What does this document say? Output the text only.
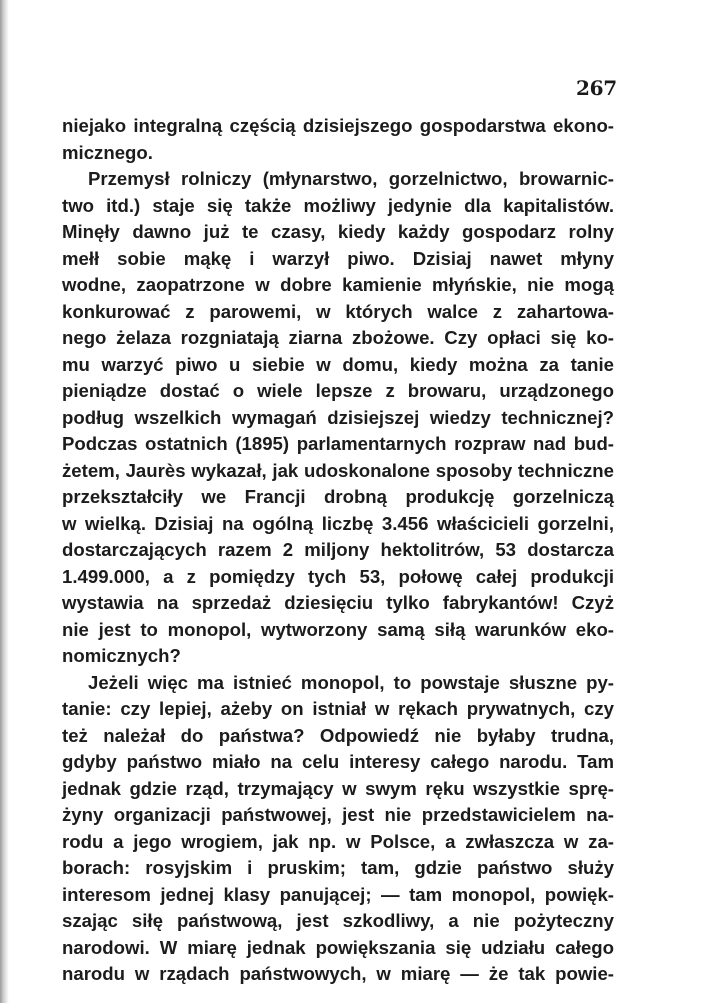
267
niejako integralną częścią dzisiejszego gospodarstwa ekono-
micznego.
Przemysł rolniczy (młynarstwo, gorzelnictwo, browarnic-
two itd.) staje się także możliwy jedynie dla kapitalistów.
Minęły dawno już te czasy, kiedy każdy gospodarz rolny
mełł sobie mąkę i warzył piwo. Dzisiaj nawet młyny
wodne, zaopatrzone w dobre kamienie młyńskie, nie mogą
konkurować z parowemi, w których walce z zahartowa-
nego żelaza rozgniatają ziarna zbożowe. Czy opłaci się ko-
mu warzyć piwo u siebie w domu, kiedy można za tanie
pieniądze dostać o wiele lepsze z browaru, urządzonego
podług wszelkich wymagań dzisiejszej wiedzy technicznej?
Podczas ostatnich (1895) parlamentarnych rozpraw nad bud-
żetem, Jaurès wykazał, jak udoskonalone sposoby techniczne
przekształciły we Francji drobną produkcję gorzelniczą
w wielką. Dzisiaj na ogólną liczbę 3.456 właścicieli gorzelni,
dostarczających razem 2 miljony hektolitrów, 53 dostarcza
1.499.000, a z pomiędzy tych 53, połowę całej produkcji
wystawia na sprzedaż dziesięciu tylko fabrykantów! Czyż
nie jest to monopol, wytworzony samą siłą warunków eko-
nomicznych?
Jeżeli więc ma istnieć monopol, to powstaje słuszne py-
tanie: czy lepiej, ażeby on istniał w rękach prywatnych, czy
też należał do państwa? Odpowiedź nie byłaby trudna,
gdyby państwo miało na celu interesy całego narodu. Tam
jednak gdzie rząd, trzymający w swym ręku wszystkie sprę-
żyny organizacji państwowej, jest nie przedstawicielem na-
rodu a jego wrogiem, jak np. w Polsce, a zwłaszcza w za-
borach: rosyjskim i pruskim; tam, gdzie państwo służy
interesom jednej klasy panującej; — tam monopol, powięk-
szając siłę państwową, jest szkodliwy, a nie pożyteczny
narodowi. W miarę jednak powiększania się udziału całego
narodu w rządach państwowych, w miarę — że tak powie-
